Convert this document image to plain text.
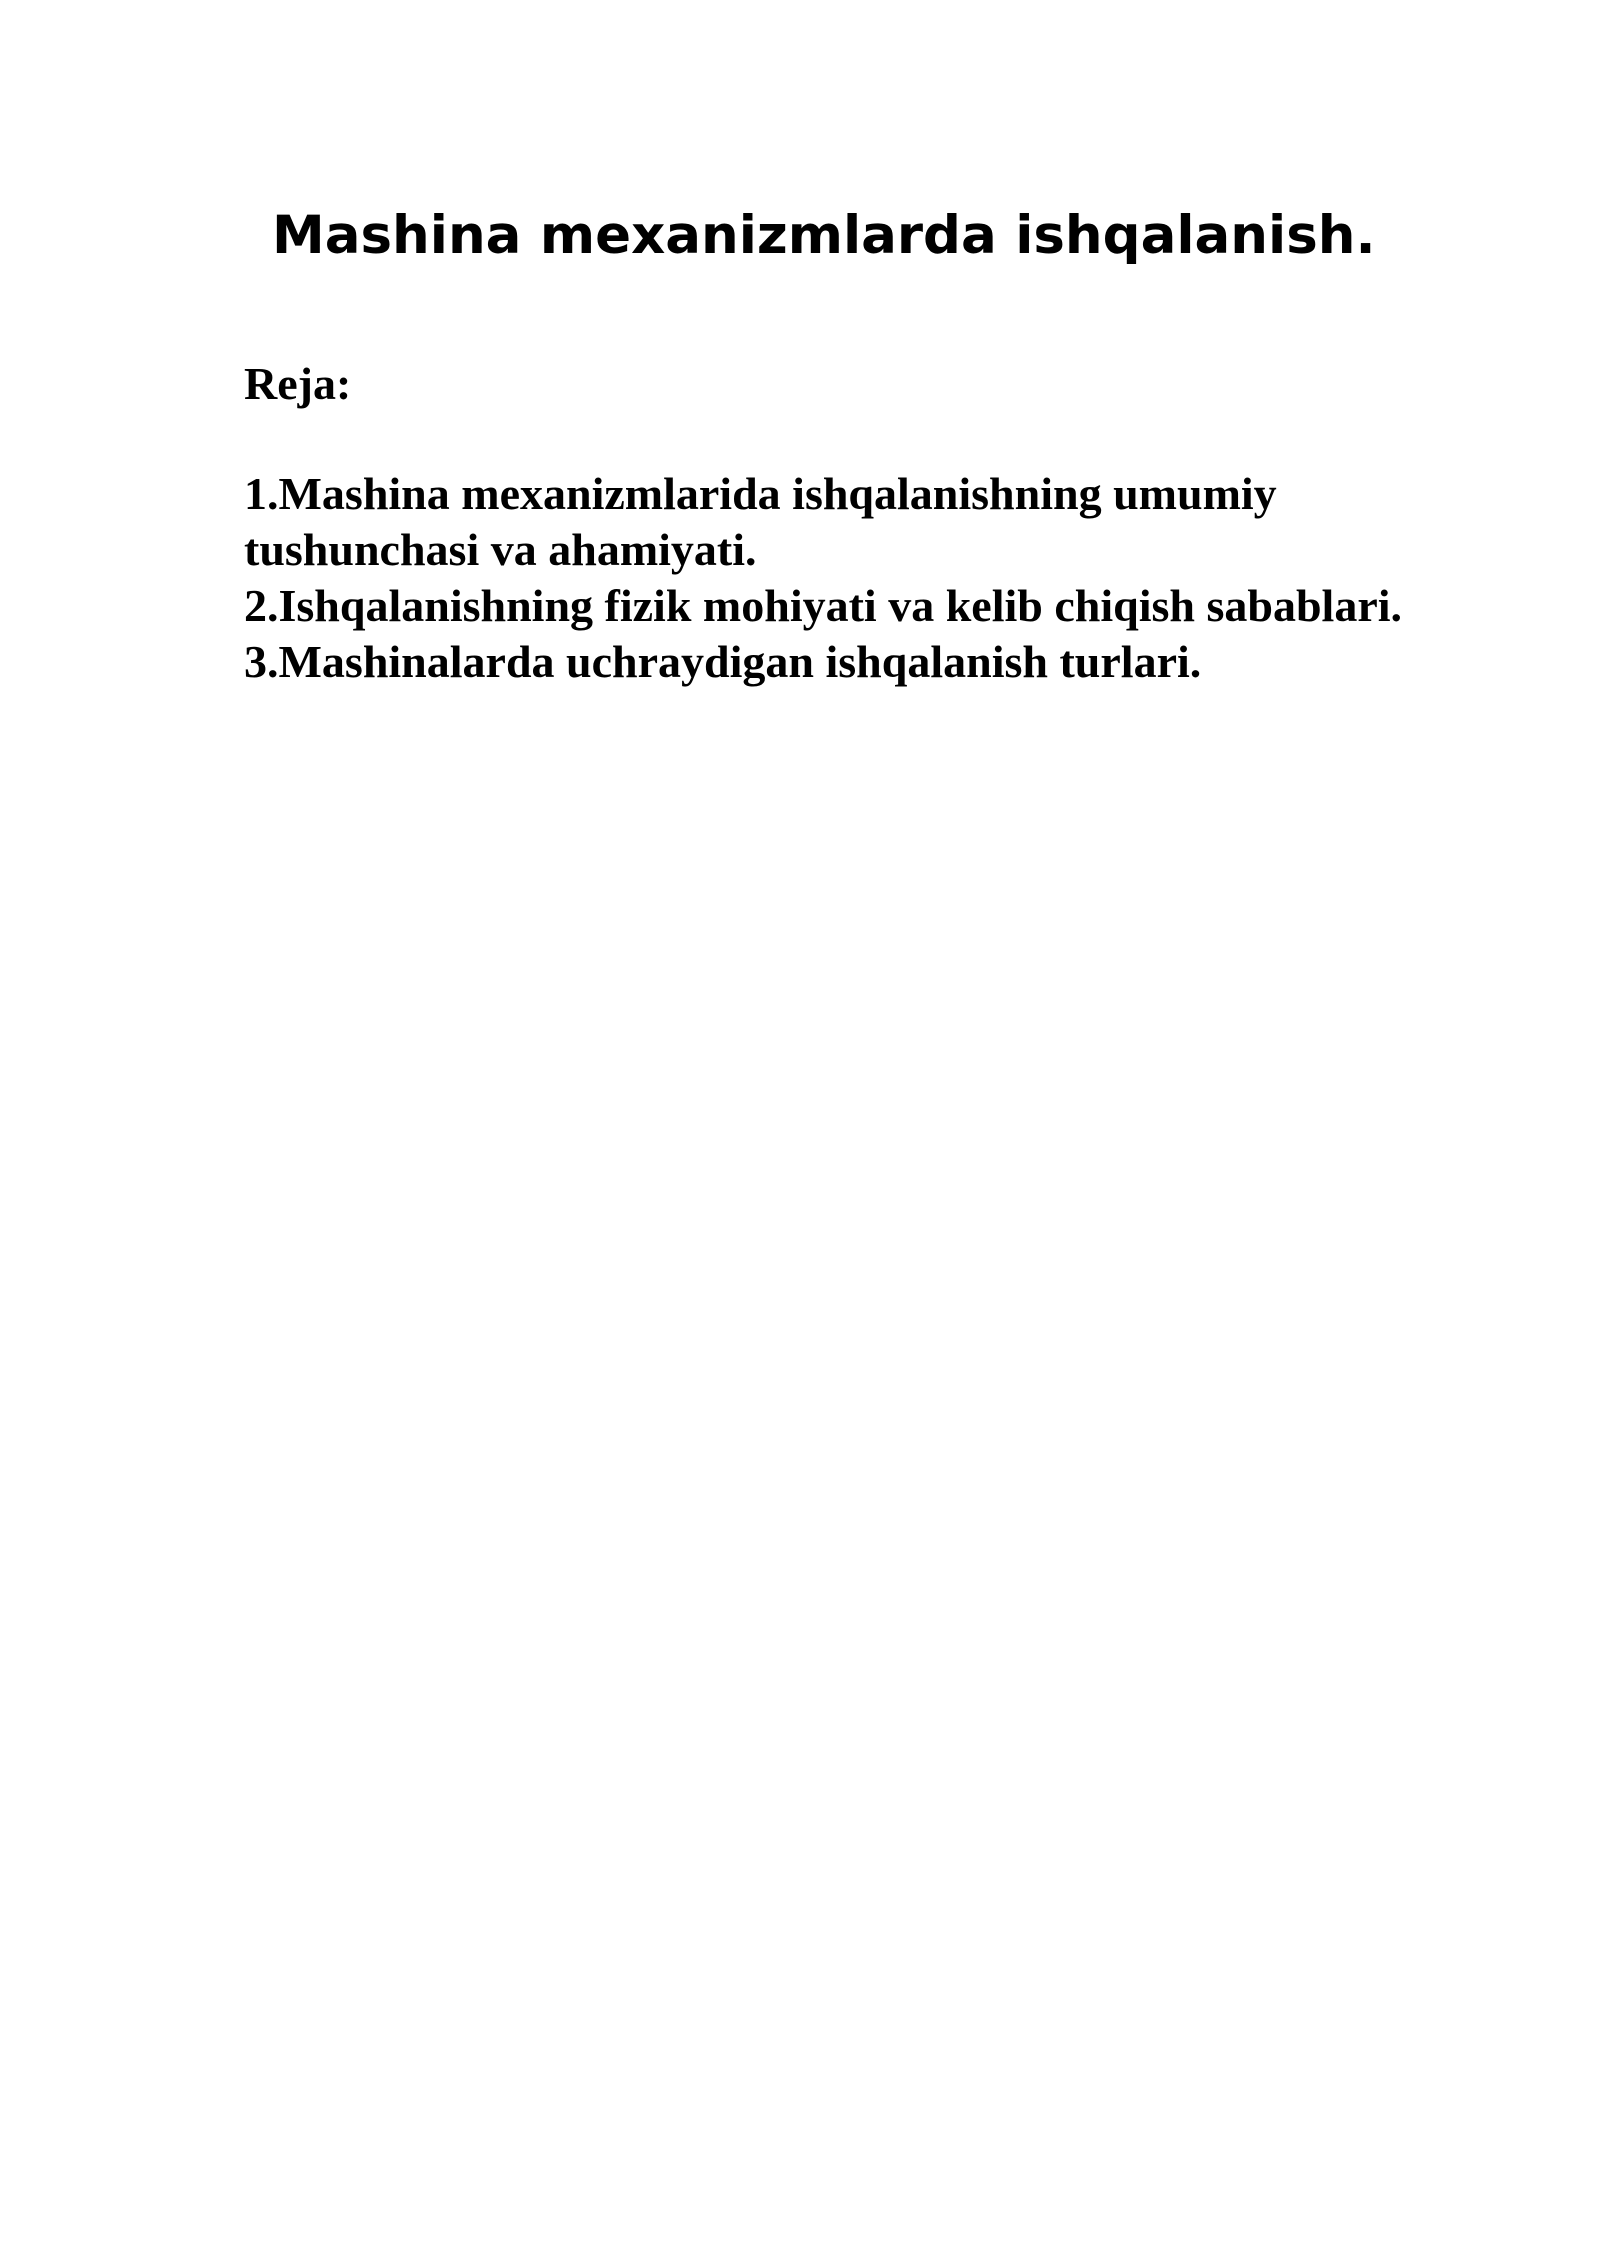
Mashina mexanizmlarda ishqalanish.

Reja:

1.Mashina mexanizmlarida ishqalanishning umumiy tushunchasi va ahamiyati.
2.Ishqalanishning fizik mohiyati va kelib chiqish sabablari.
3.Mashinalarda uchraydigan ishqalanish turlari.
